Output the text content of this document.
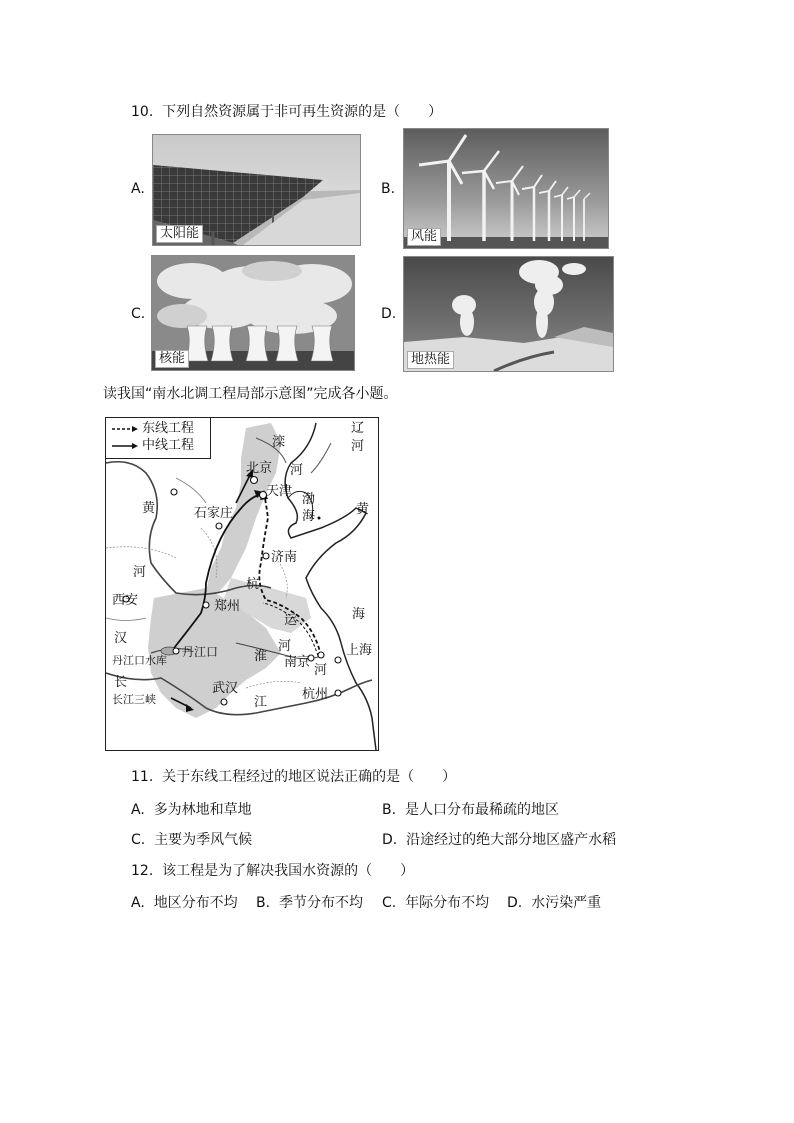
10. 下列自然资源属于非可再生资源的是（　　）
A.
太阳能
B.
风能
C.
核能
D.
地热能
读我国“南水北调工程局部示意图”完成各小题。
东线工程
中线工程
北京
天津
石家庄
济南
郑州
西安
丹江口
丹江口水库	南京
武汉	杭州
上海
长江三峡
滦
河
辽
河
黄
渤
海	黄
河
杭
运
河
淮
河
海
汉
长
江
11. 关于东线工程经过的地区说法正确的是（　　）
A. 多为林地和草地	B. 是人口分布最稀疏的地区
C. 主要为季风气候	D. 沿途经过的绝大部分地区盛产水稻
12. 该工程是为了解决我国水资源的（　　）
A. 地区分布不均 B. 季节分布不均 C. 年际分布不均 D. 水污染严重
